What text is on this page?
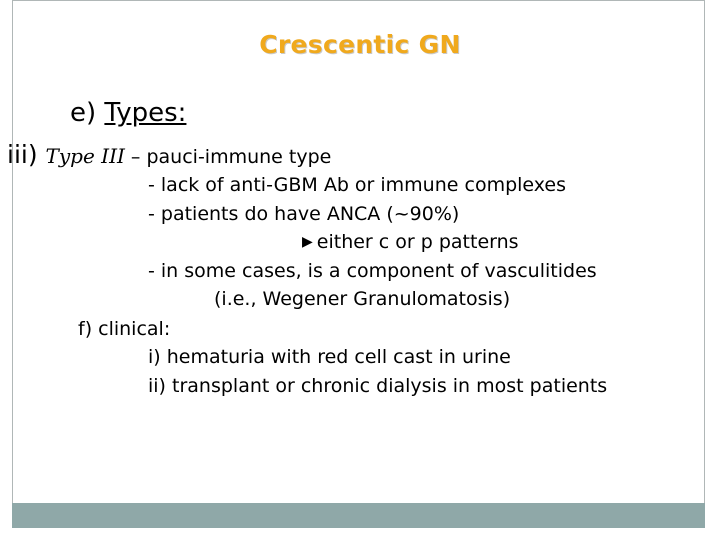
Crescentic GN
e) Types:
iii) Type III – pauci-immune type
- lack of anti-GBM Ab or immune complexes
- patients do have ANCA (~90%)
▶ either c or p patterns
- in some cases, is a component of vasculitides
(i.e., Wegener Granulomatosis)
f) clinical:
i) hematuria with red cell cast in urine
ii) transplant or chronic dialysis in most patients
